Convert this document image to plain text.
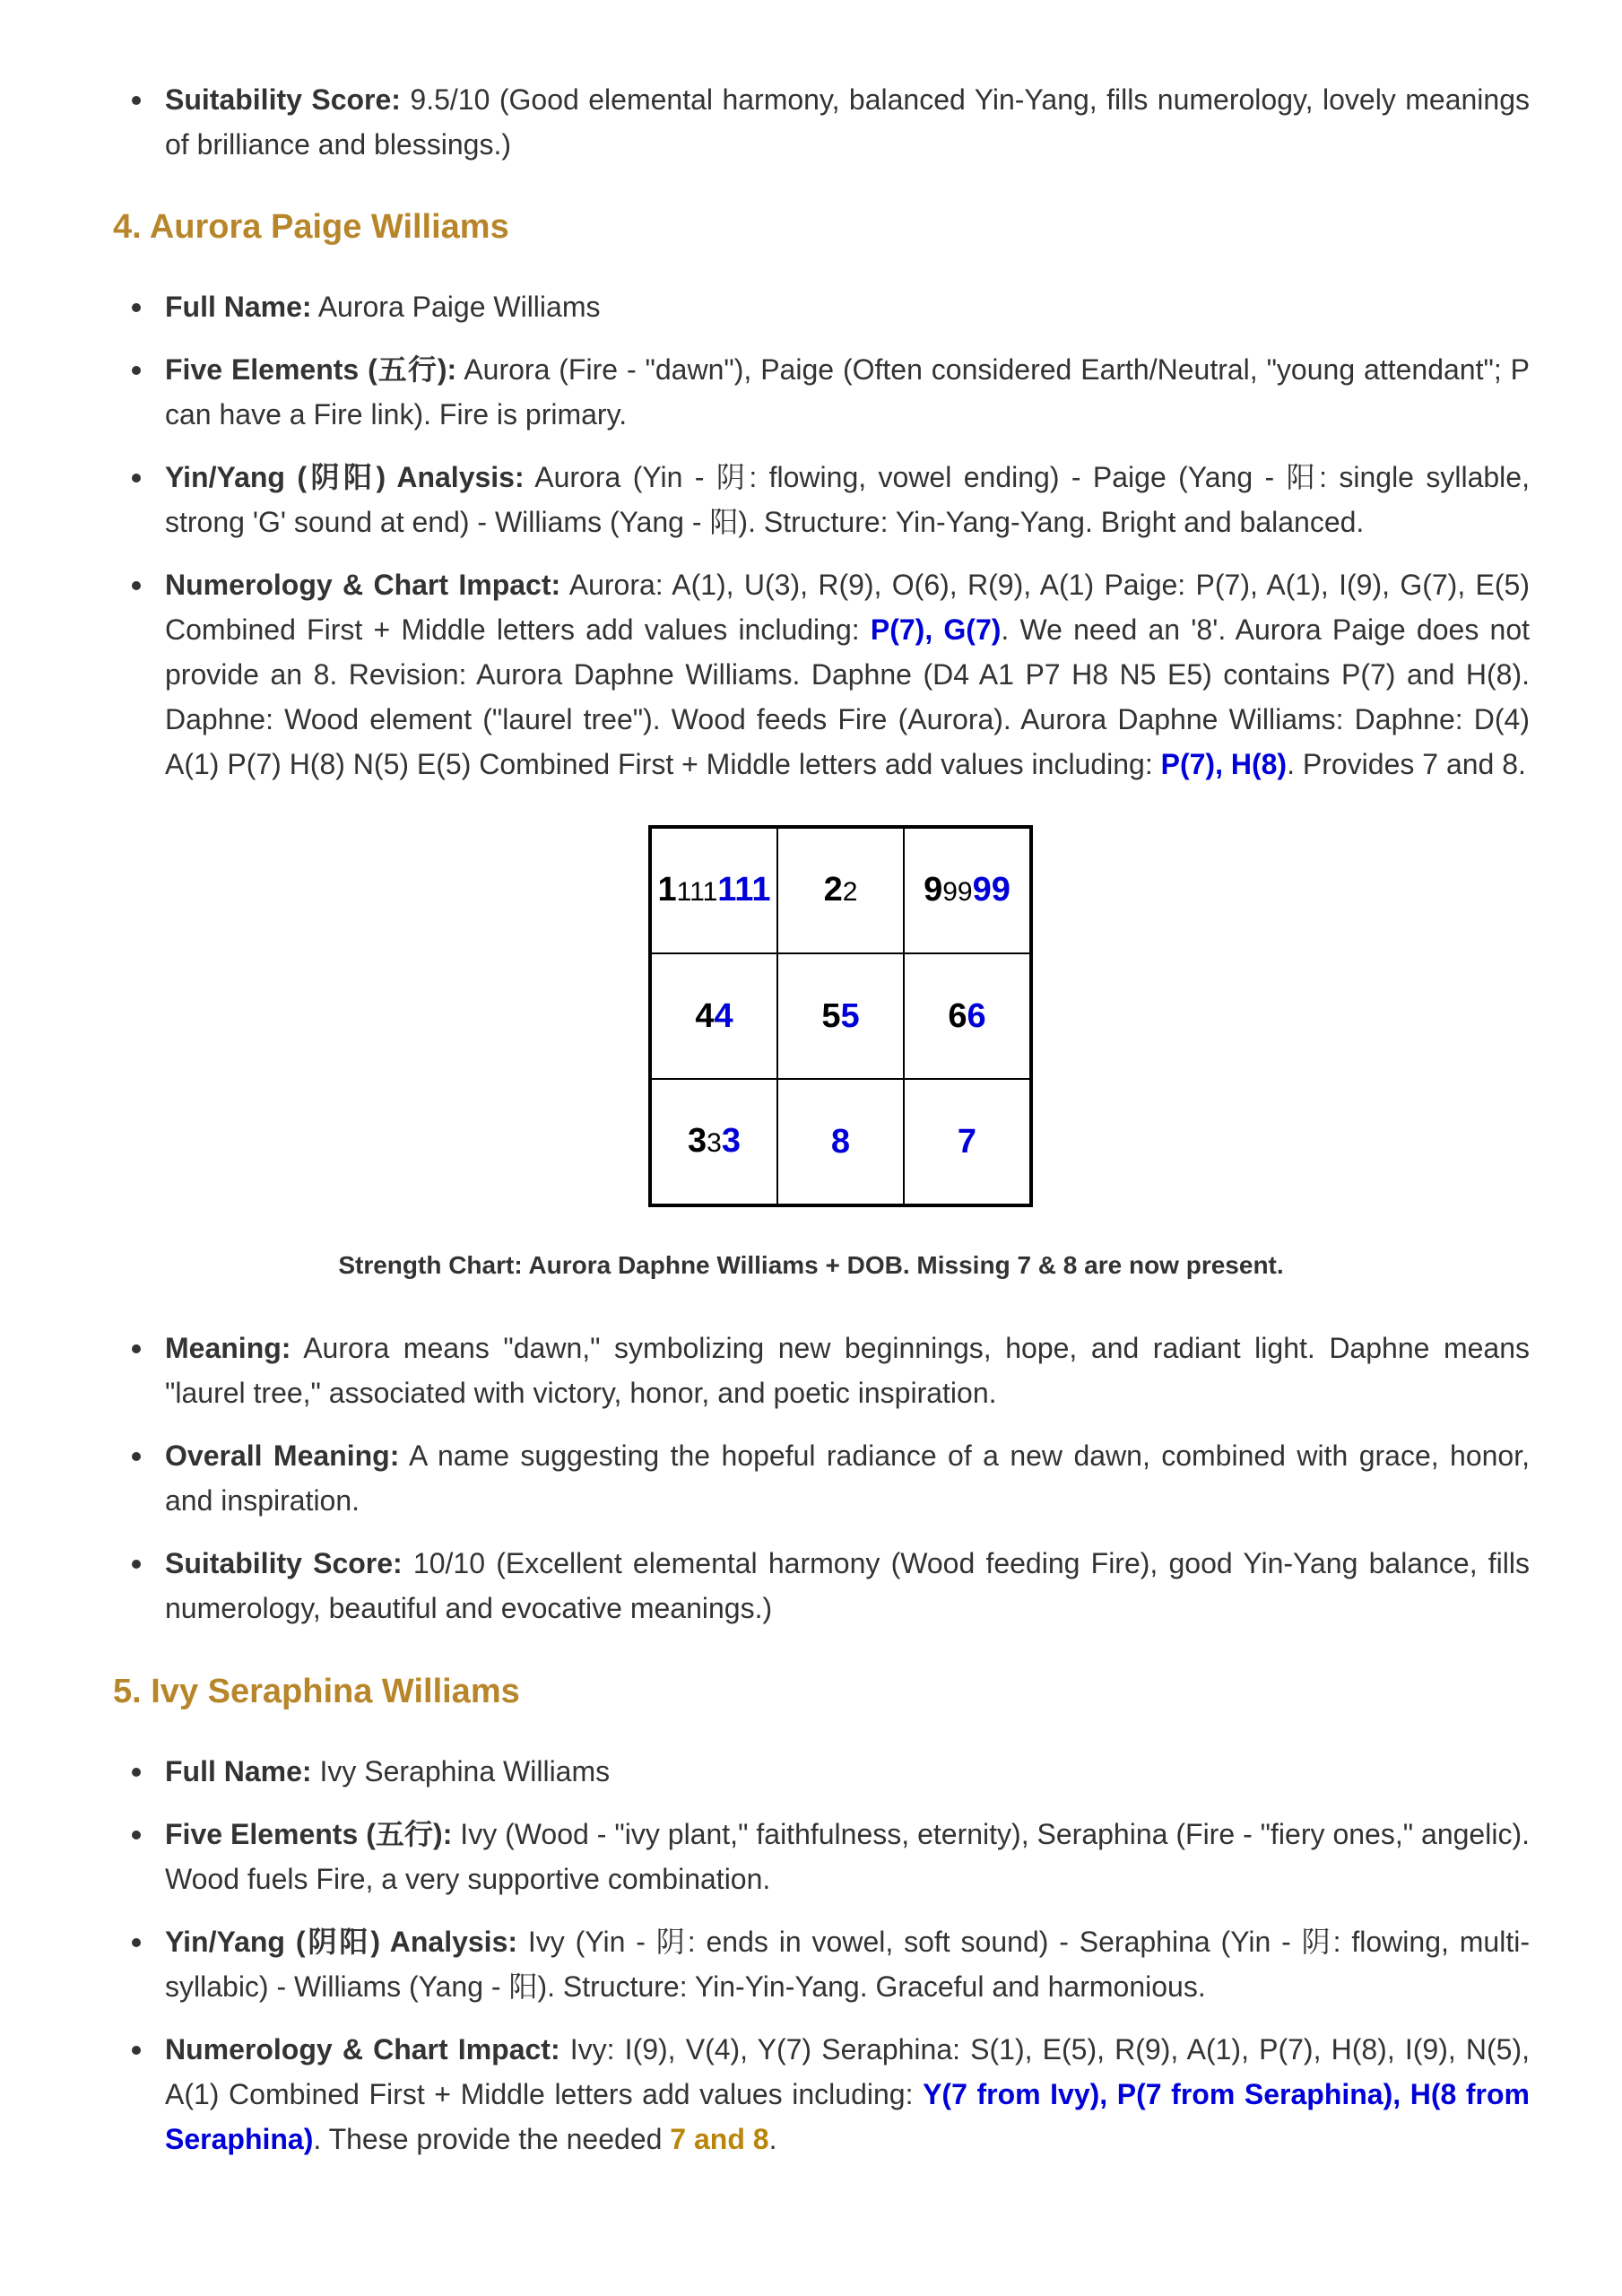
Suitability Score: 9.5/10 (Good elemental harmony, balanced Yin-Yang, fills numerology, lovely meanings of brilliance and blessings.)
4. Aurora Paige Williams
Full Name: Aurora Paige Williams
Five Elements (五行): Aurora (Fire - "dawn"), Paige (Often considered Earth/Neutral, "young attendant"; P can have a Fire link). Fire is primary.
Yin/Yang (阴阳) Analysis: Aurora (Yin - 阴: flowing, vowel ending) - Paige (Yang - 阳: single syllable, strong 'G' sound at end) - Williams (Yang - 阳). Structure: Yin-Yang-Yang. Bright and balanced.
Numerology & Chart Impact: Aurora: A(1), U(3), R(9), O(6), R(9), A(1) Paige: P(7), A(1), I(9), G(7), E(5) Combined First + Middle letters add values including: P(7), G(7). We need an '8'. Aurora Paige does not provide an 8. Revision: Aurora Daphne Williams. Daphne (D4 A1 P7 H8 N5 E5) contains P(7) and H(8). Daphne: Wood element ("laurel tree"). Wood feeds Fire (Aurora). Aurora Daphne Williams: Daphne: D(4) A(1) P(7) H(8) N(5) E(5) Combined First + Middle letters add values including: P(7), H(8). Provides 7 and 8.
1111111	22	99999
44	55	66
333	8	7
Strength Chart: Aurora Daphne Williams + DOB. Missing 7 & 8 are now present.
Meaning: Aurora means "dawn," symbolizing new beginnings, hope, and radiant light. Daphne means "laurel tree," associated with victory, honor, and poetic inspiration.
Overall Meaning: A name suggesting the hopeful radiance of a new dawn, combined with grace, honor, and inspiration.
Suitability Score: 10/10 (Excellent elemental harmony (Wood feeding Fire), good Yin-Yang balance, fills numerology, beautiful and evocative meanings.)
5. Ivy Seraphina Williams
Full Name: Ivy Seraphina Williams
Five Elements (五行): Ivy (Wood - "ivy plant," faithfulness, eternity), Seraphina (Fire - "fiery ones," angelic). Wood fuels Fire, a very supportive combination.
Yin/Yang (阴阳) Analysis: Ivy (Yin - 阴: ends in vowel, soft sound) - Seraphina (Yin - 阴: flowing, multi-syllabic) - Williams (Yang - 阳). Structure: Yin-Yin-Yang. Graceful and harmonious.
Numerology & Chart Impact: Ivy: I(9), V(4), Y(7) Seraphina: S(1), E(5), R(9), A(1), P(7), H(8), I(9), N(5), A(1) Combined First + Middle letters add values including: Y(7 from Ivy), P(7 from Seraphina), H(8 from Seraphina). These provide the needed 7 and 8.
